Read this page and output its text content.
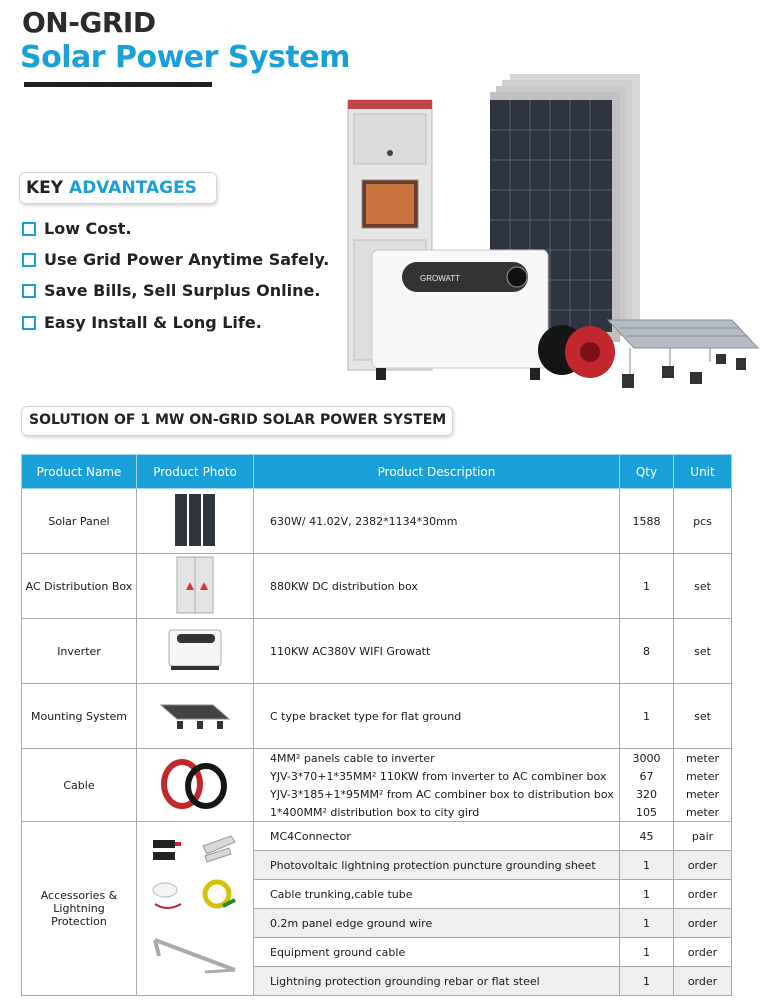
ON-GRID
Solar Power System
GROWATT
KEY ADVANTAGES
Low Cost.
Use Grid Power Anytime Safely.
Save Bills, Sell Surplus Online.
Easy Install & Long Life.
SOLUTION OF 1 MW ON-GRID SOLAR POWER SYSTEM
Product Name	Product Photo	Product Description	Qty	Unit
Solar Panel		630W/ 41.02V, 2382*1134*30mm	1588	pcs
AC Distribution Box		880KW DC distribution box	1	set
Inverter		110KW AC380V WIFI Growatt	8	set
Mounting System		C type bracket type for flat ground	1	set
Cable		4MM² panels cable to inverter	3000	meter
		YJV-3*70+1*35MM² 110KW from inverter to AC combiner box	67	meter
		YJV-3*185+1*95MM² from AC combiner box to distribution box	320	meter
		1*400MM² distribution box to city gird	105	meter

Accessories &
Lightning
Protection		MC4Connector	45	pair
		Photovoltaic lightning protection puncture grounding sheet	1	order
		Cable trunking,cable tube	1	order
		0.2m panel edge ground wire	1	order
		Equipment ground cable	1	order
		Lightning protection grounding rebar or flat steel	1	order
